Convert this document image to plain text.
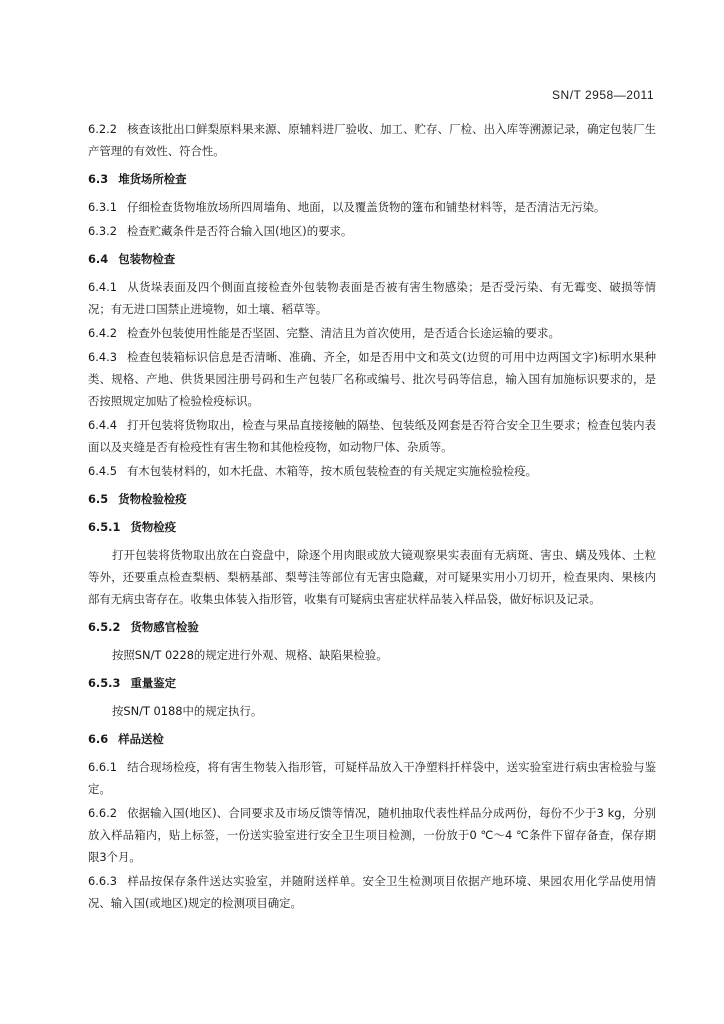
SN/T 2958—2011
6.2.2 核查该批出口鲜梨原料果来源、原辅料进厂验收、加工、贮存、厂检、出入库等溯源记录，确定包装厂生产管理的有效性、符合性。
6.3 堆货场所检查
6.3.1 仔细检查货物堆放场所四周墙角、地面，以及覆盖货物的篷布和铺垫材料等，是否清洁无污染。
6.3.2 检查贮藏条件是否符合输入国(地区)的要求。
6.4 包装物检查
6.4.1 从货垛表面及四个侧面直接检查外包装物表面是否被有害生物感染；是否受污染、有无霉变、破损等情况；有无进口国禁止进境物，如土壤、稻草等。
6.4.2 检查外包装使用性能是否坚固、完整、清洁且为首次使用，是否适合长途运输的要求。
6.4.3 检查包装箱标识信息是否清晰、准确、齐全，如是否用中文和英文(边贸的可用中边两国文字)标明水果种类、规格、产地、供货果园注册号码和生产包装厂名称或编号、批次号码等信息，输入国有加施标识要求的，是否按照规定加贴了检验检疫标识。
6.4.4 打开包装将货物取出，检查与果品直接接触的隔垫、包装纸及网套是否符合安全卫生要求；检查包装内表面以及夹缝是否有检疫性有害生物和其他检疫物，如动物尸体、杂质等。
6.4.5 有木包装材料的，如木托盘、木箱等，按木质包装检查的有关规定实施检验检疫。
6.5 货物检验检疫
6.5.1 货物检疫
打开包装将货物取出放在白瓷盘中，除逐个用肉眼或放大镜观察果实表面有无病斑、害虫、螨及残体、土粒等外，还要重点检查梨柄、梨柄基部、梨萼洼等部位有无害虫隐藏，对可疑果实用小刀切开，检查果肉、果核内部有无病虫寄存在。收集虫体装入指形管，收集有可疑病虫害症状样品装入样品袋，做好标识及记录。
6.5.2 货物感官检验
按照SN/T 0228的规定进行外观、规格、缺陷果检验。
6.5.3 重量鉴定
按SN/T 0188中的规定执行。
6.6 样品送检
6.6.1 结合现场检疫，将有害生物装入指形管，可疑样品放入干净塑料扦样袋中，送实验室进行病虫害检验与鉴定。
6.6.2 依据输入国(地区)、合同要求及市场反馈等情况，随机抽取代表性样品分成两份，每份不少于3 kg，分别放入样品箱内，贴上标签，一份送实验室进行安全卫生项目检测，一份放于0 ℃～4 ℃条件下留存备查，保存期限3个月。
6.6.3 样品按保存条件送达实验室，并随附送样单。安全卫生检测项目依据产地环境、果园农用化学品使用情况、输入国(或地区)规定的检测项目确定。
